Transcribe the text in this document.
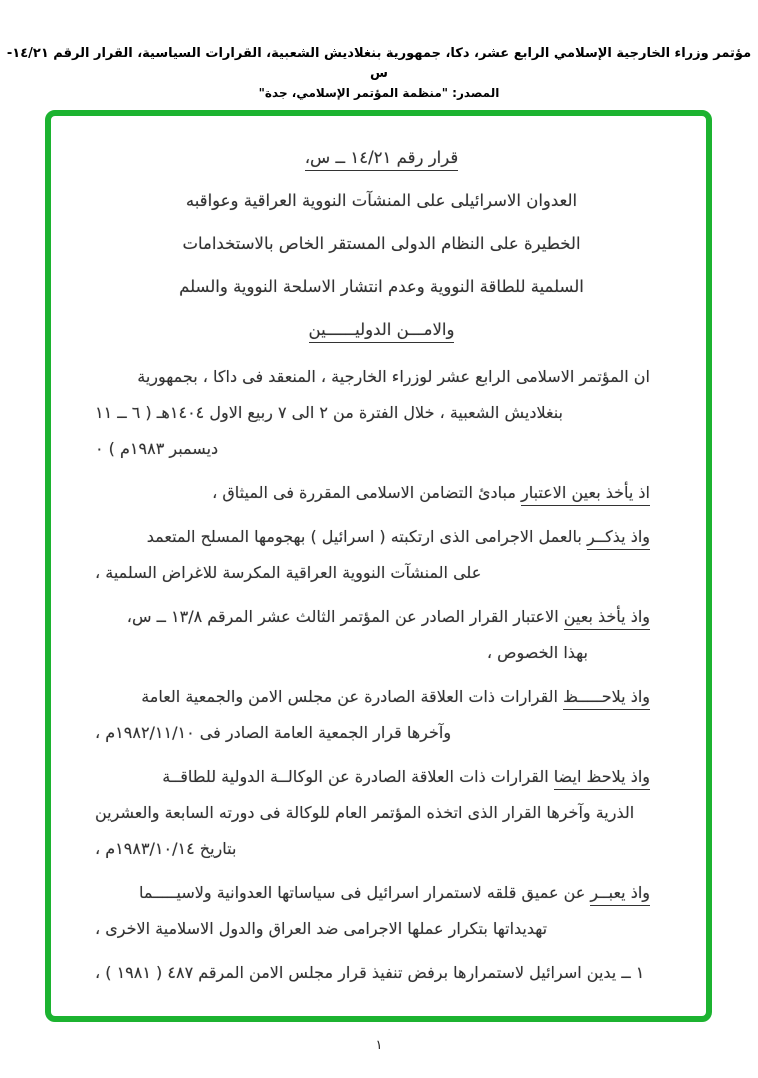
مؤتمر وزراء الخارجية الإسلامي الرابع عشر، دكا، جمهورية بنغلاديش الشعبية، القرارات السياسية، القرار الرقم ١٤/٢١- س
المصدر: "منظمة المؤتمر الإسلامي، جدة"
قرار رقم ١٤/٢١ ــ س،
العدوان الاسرائيلى على المنشآت النووية العراقية وعواقبه
الخطيرة على النظام الدولى المستقر الخاص بالاستخدامات
السلمية للطاقة النووية وعدم انتشار الاسلحة النووية والسلم
والامـــن الدوليــــــين
ان المؤتمر الاسلامى الرابع عشر لوزراء الخارجية ، المنعقد فى داكا ، بجمهورية
بنغلاديش الشعبية ، خلال الفترة من ٢ الى ٧ ربيع الاول ١٤٠٤هـ ( ٦ ــ ١١
ديسمبر ١٩٨٣م ) ٠
اذ يأخذ بعين الاعتبار مبادئ التضامن الاسلامى المقررة فى الميثاق ،
واذ يذكــر بالعمل الاجرامى الذى ارتكبته ( اسرائيل ) بهجومها المسلح المتعمد
على المنشآت النووية العراقية المكرسة للاغراض السلمية ،
واذ يأخذ بعين الاعتبار القرار الصادر عن المؤتمر الثالث عشر المرقم ١٣/٨ ــ س،
بهذا الخصوص ،
واذ يلاحـــــظ القرارات ذات العلاقة الصادرة عن مجلس الامن والجمعية العامة
وآخرها قرار الجمعية العامة الصادر فى ١٩٨٢/١١/١٠م ،
واذ يلاحظ ايضا القرارات ذات العلاقة الصادرة عن الوكالــة الدولية للطاقــة
الذرية وآخرها القرار الذى اتخذه المؤتمر العام للوكالة فى دورته السابعة والعشرين
بتاريخ ١٩٨٣/١٠/١٤م ،
واذ يعبــر عن عميق قلقه لاستمرار اسرائيل فى سياساتها العدوانية ولاسيـــــما
تهديداتها بتكرار عملها الاجرامى ضد العراق والدول الاسلامية الاخرى ،
١ ــ يدين اسرائيل لاستمرارها برفض تنفيذ قرار مجلس الامن المرقم ٤٨٧ ( ١٩٨١ ) ،
١
